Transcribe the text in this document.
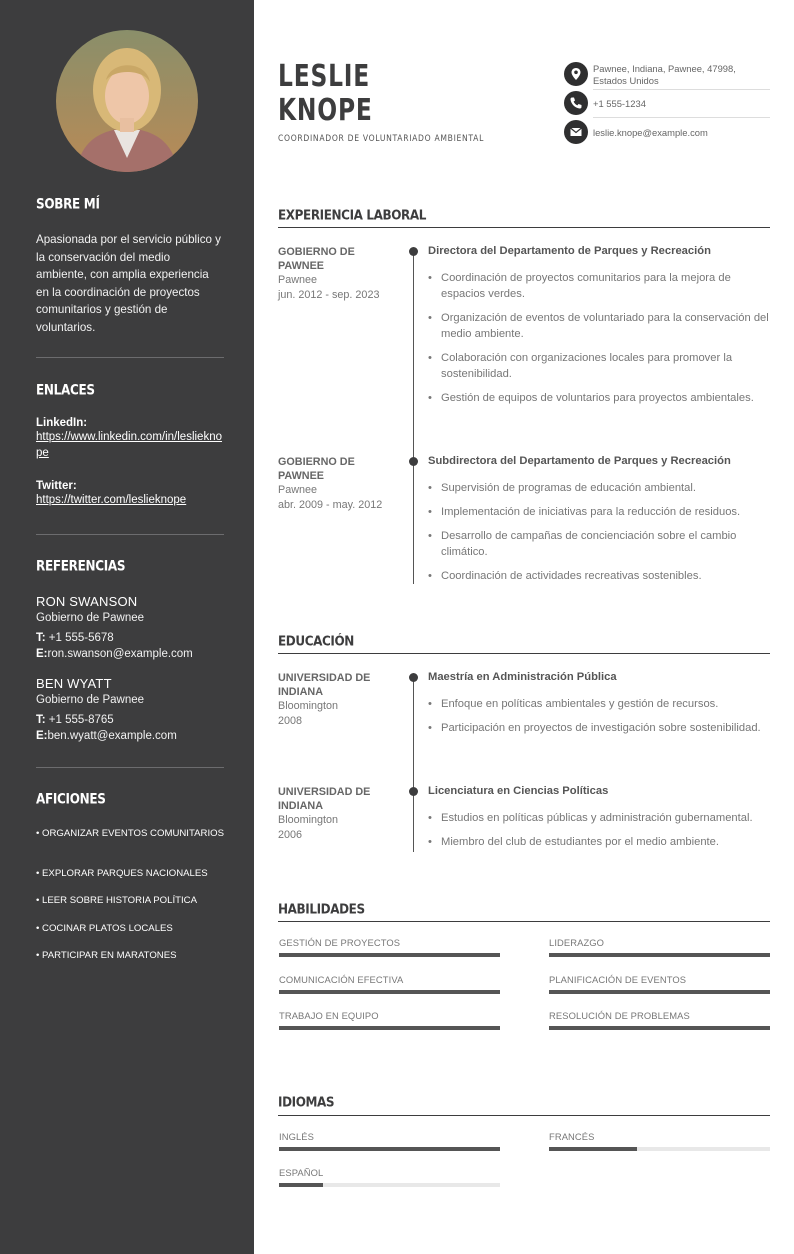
SOBRE MÍ
Apasionada por el servicio público y la conservación del medio ambiente, con amplia experiencia en la coordinación de proyectos comunitarios y gestión de voluntarios.
ENLACES
LinkedIn:
https://www.linkedin.com/in/leslieknope
Twitter:
https://twitter.com/leslieknope
REFERENCIAS
RON SWANSON
Gobierno de Pawnee
T: +1 555-5678
E:ron.swanson@example.com
BEN WYATT
Gobierno de Pawnee
T: +1 555-8765
E:ben.wyatt@example.com
AFICIONES
• ORGANIZAR EVENTOS COMUNITARIOS
• EXPLORAR PARQUES NACIONALES
• LEER SOBRE HISTORIA POLÍTICA
• COCINAR PLATOS LOCALES
• PARTICIPAR EN MARATONES
LESLIE
KNOPE
COORDINADOR DE VOLUNTARIADO AMBIENTAL
Pawnee, Indiana, Pawnee, 47998, Estados Unidos
+1 555-1234
leslie.knope@example.com
EXPERIENCIA LABORAL
GOBIERNO DE PAWNEE
Pawnee
jun. 2012 - sep. 2023
Directora del Departamento de Parques y Recreación
• Coordinación de proyectos comunitarios para la mejora de espacios verdes.
• Organización de eventos de voluntariado para la conservación del medio ambiente.
• Colaboración con organizaciones locales para promover la sostenibilidad.
• Gestión de equipos de voluntarios para proyectos ambientales.
GOBIERNO DE PAWNEE
Pawnee
abr. 2009 - may. 2012
Subdirectora del Departamento de Parques y Recreación
• Supervisión de programas de educación ambiental.
• Implementación de iniciativas para la reducción de residuos.
• Desarrollo de campañas de concienciación sobre el cambio climático.
• Coordinación de actividades recreativas sostenibles.
EDUCACIÓN
UNIVERSIDAD DE INDIANA
Bloomington
2008
Maestría en Administración Pública
• Enfoque en políticas ambientales y gestión de recursos.
• Participación en proyectos de investigación sobre sostenibilidad.
UNIVERSIDAD DE INDIANA
Bloomington
2006
Licenciatura en Ciencias Políticas
• Estudios en políticas públicas y administración gubernamental.
• Miembro del club de estudiantes por el medio ambiente.
HABILIDADES
GESTIÓN DE PROYECTOS	LIDERAZGO
COMUNICACIÓN EFECTIVA	PLANIFICACIÓN DE EVENTOS
TRABAJO EN EQUIPO	RESOLUCIÓN DE PROBLEMAS
IDIOMAS
INGLÉS	FRANCÉS
ESPAÑOL
